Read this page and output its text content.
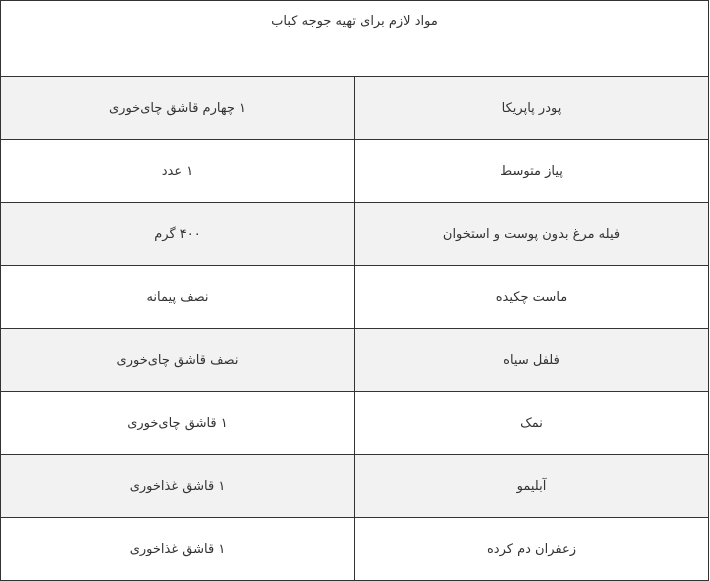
مواد لازم برای تهیه جوجه کباب	
پودر پاپریکا	۱ چهارم قاشق چای‌خوری
پیاز متوسط	۱ عدد
فیله مرغ بدون پوست و استخوان	۴۰۰ گرم
ماست چکیده	نصف پیمانه
فلفل سیاه	نصف قاشق چای‌خوری
نمک	۱ قاشق چای‌خوری
آبلیمو	۱ قاشق غذاخوری
زعفران دم کرده	۱ قاشق غذاخوری
